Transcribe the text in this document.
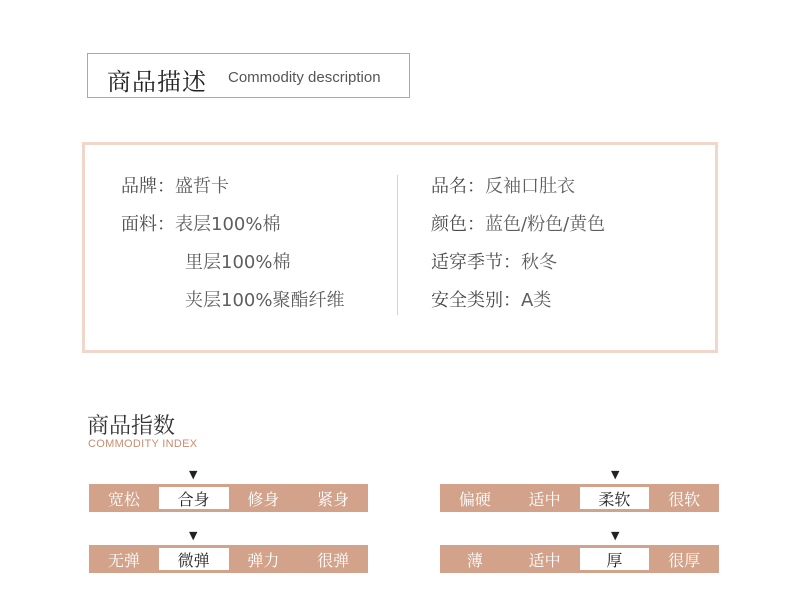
商品描述 Commodity description
品牌：盛哲卡
面料：表层100%棉
里层100%棉
夹层100%聚酯纤维
品名：反袖口肚衣
颜色：蓝色/粉色/黄色
适穿季节：秋冬
安全类别：A类
商品指数
COMMODITY INDEX
▼
宽松	合身	修身	紧身
▼
偏硬	适中	柔软	很软
▼
无弹	微弹	弹力	很弹
▼
薄	适中	厚	很厚
